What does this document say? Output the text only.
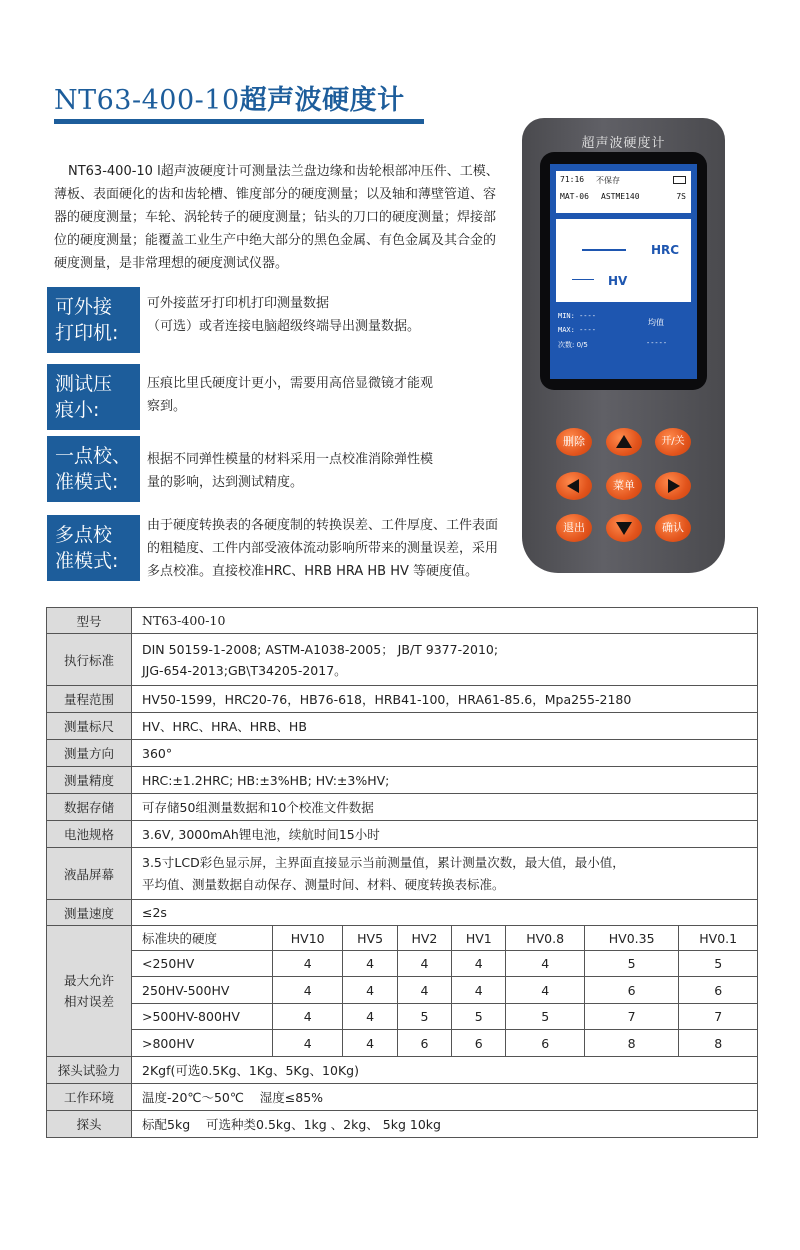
NT63-400-10超声波硬度计
NT63-400-10 l超声波硬度计可测量法兰盘边缘和齿轮根部冲压件、工模、薄板、表面硬化的齿和齿轮槽、锥度部分的硬度测量；以及轴和薄壁管道、容器的硬度测量；车轮、涡轮转子的硬度测量；钻头的刀口的硬度测量；焊接部位的硬度测量；能覆盖工业生产中绝大部分的黑色金属、有色金属及其合金的硬度测量，是非常理想的硬度测试仪器。
可外接
打印机:
可外接蓝牙打印机打印测量数据
（可选）或者连接电脑超级终端导出测量数据。
测试压
痕小:
压痕比里氏硬度计更小，需要用高倍显微镜才能观
察到。
一点校、
准模式:
根据不同弹性模量的材料采用一点校准消除弹性模
量的影响，达到测试精度。
多点校
准模式:
由于硬度转换表的各硬度制的转换误差、工件厚度、工件表面
的粗糙度、工件内部受液体流动影响所带来的测量误差，采用
多点校准。直接校准HRC、HRB HRA HB HV 等硬度值。
超声波硬度计
71:16 不保存
MAT-06 ASTME140	7S
HRC
HV
MIN: ----
MAX: ----
次数: 0/5
均值
-----
删除	开/关
菜单
退出	确认
型号	NT63-400-10							
执行标准	DIN 50159-1-2008; ASTM-A1038-2005； JB/T 9377-2010;
JJG-654-2013;GB\T34205-2017。							

量程范围	HV50-1599，HRC20-76，HB76-618，HRB41-100，HRA61-85.6，Mpa255-2180							
测量标尺	HV、HRC、HRA、HRB、HB							
测量方向	360°							
测量精度	HRC:±1.2HRC; HB:±3%HB; HV:±3%HV;							
数据存储	可存储50组测量数据和10个校准文件数据							
电池规格	3.6V, 3000mAh锂电池，续航时间15小时							
液晶屏幕	3.5寸LCD彩色显示屏，主界面直接显示当前测量值，累计测量次数，最大值，最小值，
平均值、测量数据自动保存、测量时间、材料、硬度转换表标准。							

测量速度	≤2s							

最大允许
相对误差	标准块的硬度	HV10	HV5	HV2	HV1	HV0.8	HV0.35	HV0.1
	<250HV	4	4	4	4	4	5	5
	250HV-500HV	4	4	4	4	4	6	6
	>500HV-800HV	4	4	5	5	5	7	7
	>800HV	4	4	6	6	6	8	8
探头试验力	2Kgf(可选0.5Kg、1Kg、5Kg、10Kg)							
工作环境	温度-20℃～50℃    湿度≤85%							
探头	标配5kg    可选种类0.5kg、1kg 、2kg、 5kg 10kg							
